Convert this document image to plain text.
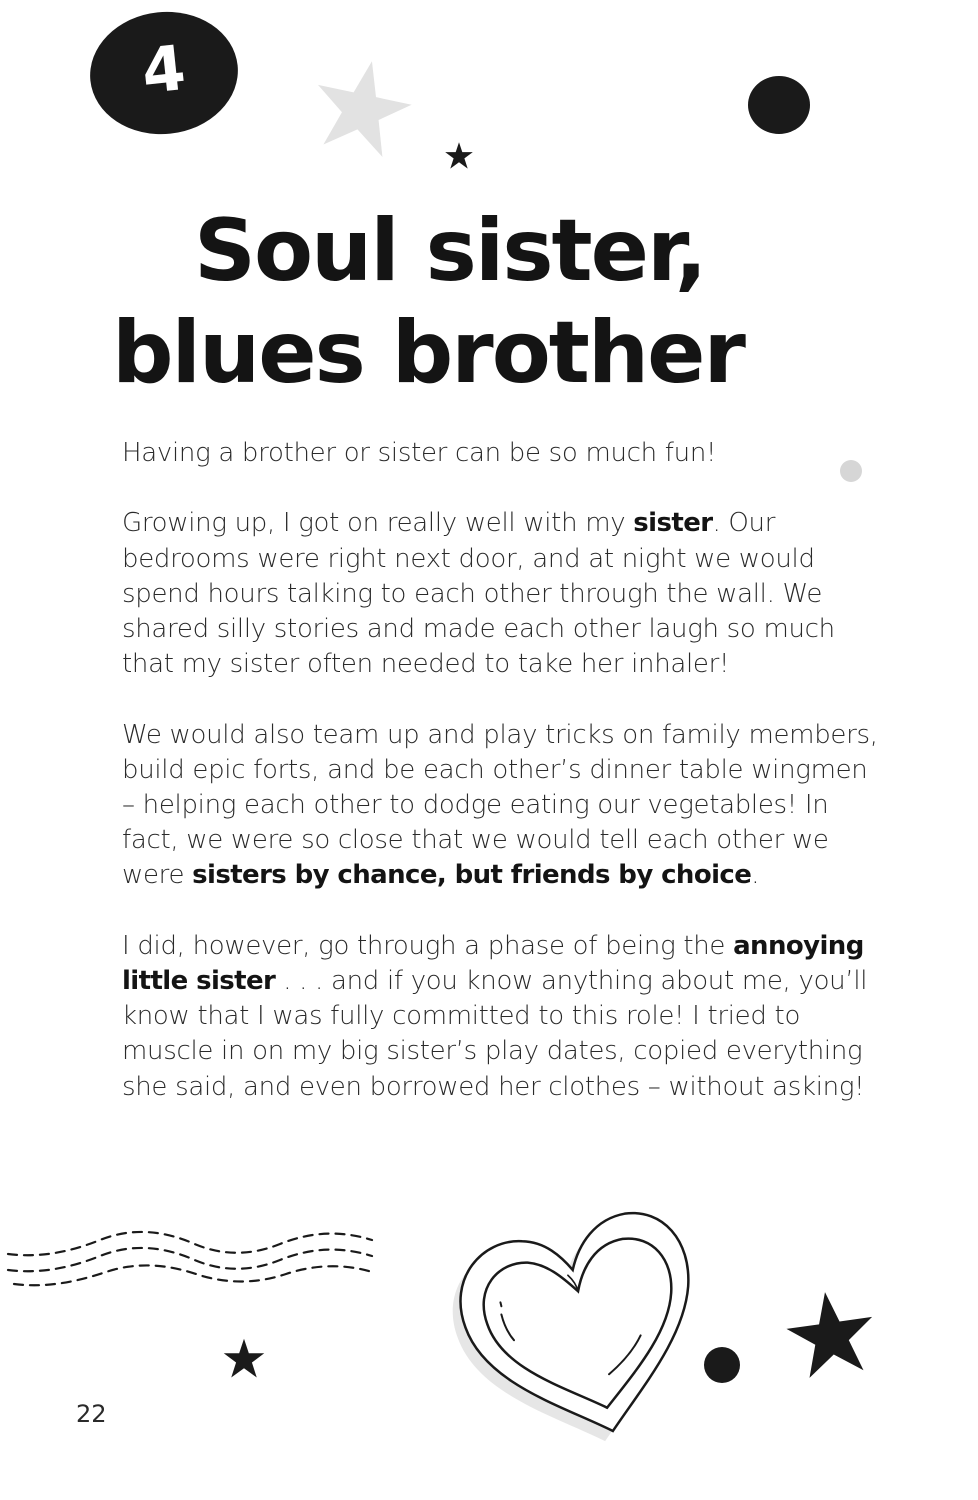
4
Soul sister,
blues brother

Having a brother or sister can be so much fun!

Growing up, I got on really well with my sister. Our bedrooms were right next door, and at night we would spend hours talking to each other through the wall. We shared silly stories and made each other laugh so much that my sister often needed to take her inhaler!

We would also team up and play tricks on family members, build epic forts, and be each other’s dinner table wingmen – helping each other to dodge eating our vegetables! In fact, we were so close that we would tell each other we were sisters by chance, but friends by choice.

I did, however, go through a phase of being the annoying little sister . . . and if you know anything about me, you’ll know that I was fully committed to this role! I tried to muscle in on my big sister’s play dates, copied everything she said, and even borrowed her clothes – without asking!

22
